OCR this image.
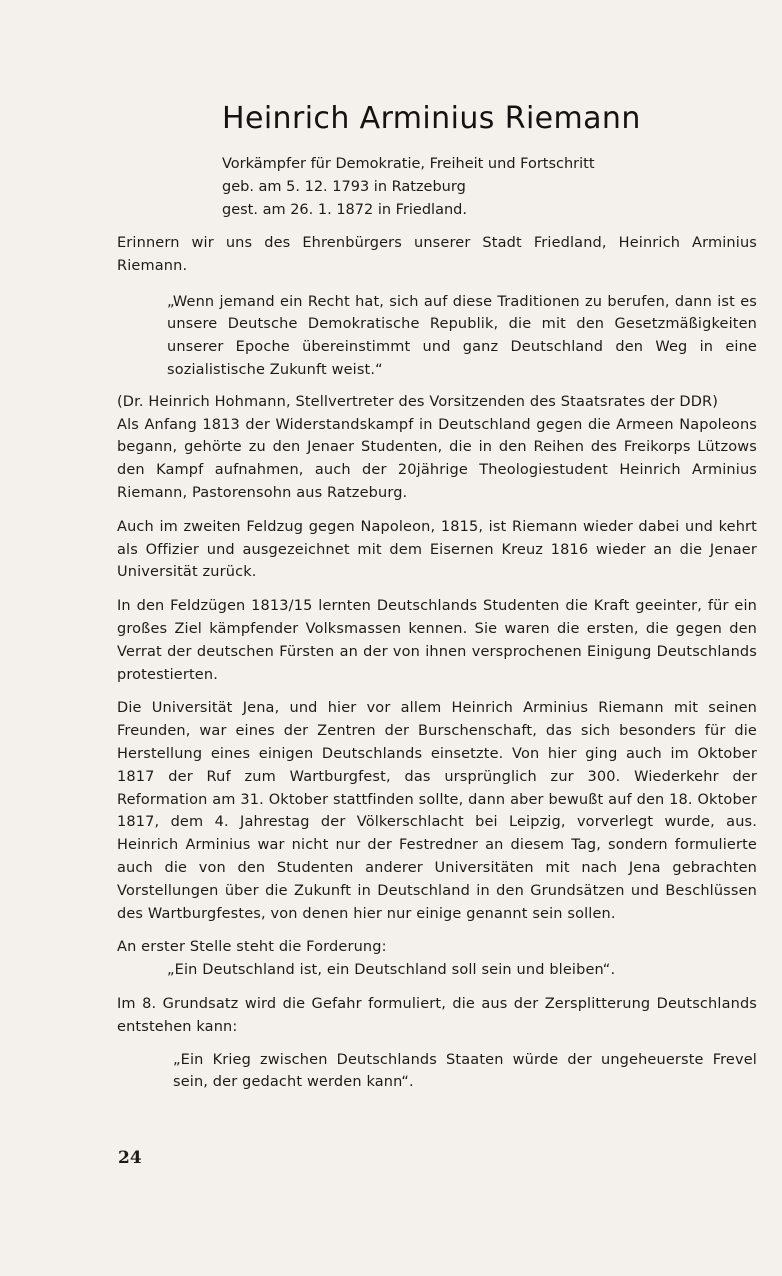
Heinrich Arminius Riemann
Vorkämpfer für Demokratie, Freiheit und Fortschritt
geb. am 5. 12. 1793 in Ratzeburg
gest. am 26. 1. 1872 in Friedland.

Erinnern wir uns des Ehrenbürgers unserer Stadt Friedland, Heinrich Arminius Riemann.

„Wenn jemand ein Recht hat, sich auf diese Traditionen zu berufen, dann ist es unsere Deutsche Demokratische Republik, die mit den Gesetzmäßigkeiten unserer Epoche übereinstimmt und ganz Deutschland den Weg in eine sozialistische Zukunft weist.“

(Dr. Heinrich Hohmann, Stellvertreter des Vorsitzenden des Staatsrates der DDR)

Als Anfang 1813 der Widerstandskampf in Deutschland gegen die Armeen Napoleons begann, gehörte zu den Jenaer Studenten, die in den Reihen des Freikorps Lützows den Kampf aufnahmen, auch der 20jährige Theologiestudent Heinrich Arminius Riemann, Pastorensohn aus Ratzeburg.

Auch im zweiten Feldzug gegen Napoleon, 1815, ist Riemann wieder dabei und kehrt als Offizier und ausgezeichnet mit dem Eisernen Kreuz 1816 wieder an die Jenaer Universität zurück.

In den Feldzügen 1813/15 lernten Deutschlands Studenten die Kraft geeinter, für ein großes Ziel kämpfender Volksmassen kennen. Sie waren die ersten, die gegen den Verrat der deutschen Fürsten an der von ihnen versprochenen Einigung Deutschlands protestierten.

Die Universität Jena, und hier vor allem Heinrich Arminius Riemann mit seinen Freunden, war eines der Zentren der Burschenschaft, das sich besonders für die Herstellung eines einigen Deutschlands einsetzte. Von hier ging auch im Oktober 1817 der Ruf zum Wartburgfest, das ursprünglich zur 300. Wiederkehr der Reformation am 31. Oktober stattfinden sollte, dann aber bewußt auf den 18. Oktober 1817, dem 4. Jahrestag der Völkerschlacht bei Leipzig, vorverlegt wurde, aus. Heinrich Arminius war nicht nur der Festredner an diesem Tag, sondern formulierte auch die von den Studenten anderer Universitäten mit nach Jena gebrachten Vorstellungen über die Zukunft in Deutschland in den Grundsätzen und Beschlüssen des Wartburgfestes, von denen hier nur einige genannt sein sollen.

An erster Stelle steht die Forderung:

„Ein Deutschland ist, ein Deutschland soll sein und bleiben“.

Im 8. Grundsatz wird die Gefahr formuliert, die aus der Zersplitterung Deutschlands entstehen kann:

„Ein Krieg zwischen Deutschlands Staaten würde der ungeheuerste Frevel sein, der gedacht werden kann“.

24
